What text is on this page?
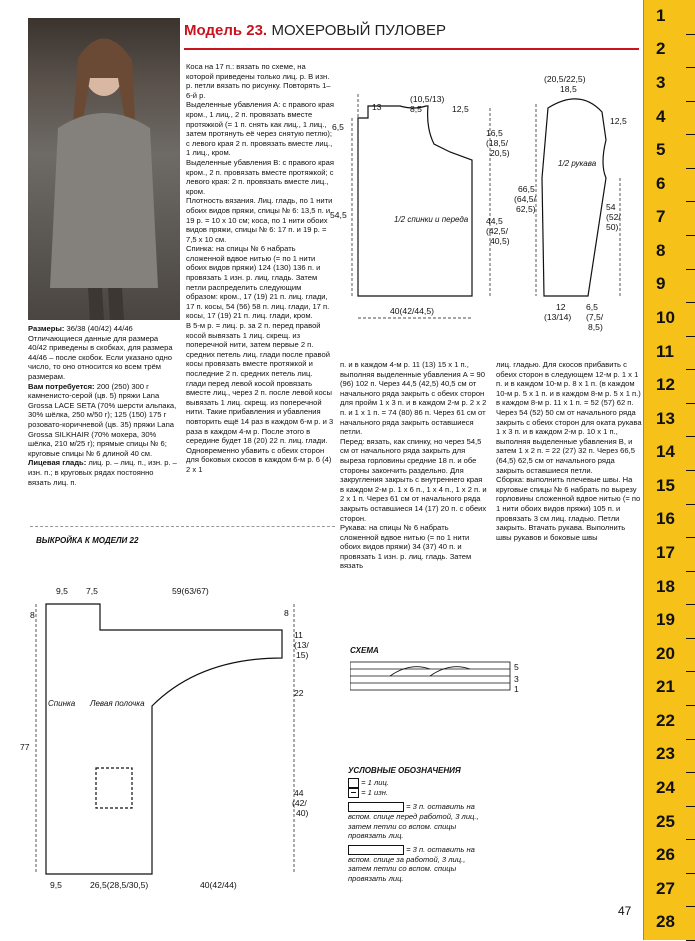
Модель 23. МОХЕРОВЫЙ ПУЛОВЕР
Размеры: 36/38 (40/42) 44/46 Отличающиеся данные для размера 40/42 приведены в скобках, для размера 44/46 – после скобок. Если указано одно число, то оно относится ко всем трём размерам.
Вам потребуется: 200 (250) 300 г камненисто-серой (цв. 5) пряжи Lana Grossa LACE SETA (70% шерсти альпака, 30% шёлка, 250 м/50 г); 125 (150) 175 г розовато-коричневой (цв. 35) пряжи Lana Grossa SILKHAIR (70% мохера, 30% шёлка, 210 м/25 г); прямые спицы № 6; круговые спицы № 6 длиной 40 см.
Лицевая гладь: лиц. р. – лиц. п., изн. р. – изн. п.; в круговых рядах постоянно вязать лиц. п.
Коса на 17 п.: вязать по схеме, на которой приведены только лиц. р. В изн. р. петли вязать по рисунку. Повторять 1–6-й р.
Выделенные убавления А: с правого края кром., 1 лиц., 2 п. провязать вместе протяжкой (= 1 п. снять как лиц., 1 лиц., затем протянуть её через снятую петлю); с левого края 2 п. провязать вместе лиц., 1 лиц., кром.
Выделенные убавления В: с правого края кром., 2 п. провязать вместе протяжкой; с левого края: 2 п. провязать вместе лиц., кром.
Плотность вязания. Лиц. гладь, по 1 нити обоих видов пряжи, спицы № 6: 13,5 п. и 19 р. = 10 х 10 см; коса, по 1 нити обоих видов пряжи, спицы № 6: 17 п. и 19 р. = 7,5 х 10 см.
Спинка: на спицы № 6 набрать сложенной вдвое нитью (= по 1 нити обоих видов пряжи) 124 (130) 136 п. и провязать 1 изн. р. лиц. гладь. Затем петли распределить следующим образом: кром., 17 (19) 21 п. лиц. глади, 17 п. косы, 54 (56) 58 п. лиц. глади, 17 п. косы, 17 (19) 21 п. лиц. глади, кром.
В 5-м р. = лиц. р. за 2 п. перед правой косой вывязать 1 лиц. скрещ. из поперечной нити, затем первые 2 п. средних петель лиц. глади после правой косы провязать вместе протяжкой и последние 2 п. средних петель лиц. глади перед левой косой провязать вместе лиц., через 2 п. после левой косы вывязать 1 лиц. скрещ. из поперечной нити. Такие прибавления и убавления повторить ещё 14 раз в каждом 6-м р. и 3 раза в каждом 4-м р. После этого в середине будет 18 (20) 22 п. лиц. глади. Одновременно убавить с обеих сторон для боковых скосов в каждом 6-м р. 6 (4) 2 х 1
п. и в каждом 4-м р. 11 (13) 15 х 1 п., выполняя выделенные убавления А = 90 (96) 102 п. Через 44,5 (42,5) 40,5 см от начального ряда закрыть с обеих сторон для пройм 1 х 3 п. и в каждом 2-м р. 2 х 2 п. и 1 х 1 п. = 74 (80) 86 п. Через 61 см от начального ряда закрыть оставшиеся петли.
Перед: вязать, как спинку, но через 54,5 см от начального ряда закрыть для выреза горловины средние 18 п. и обе стороны закончить раздельно. Для закругления закрыть с внутреннего края в каждом 2-м р. 1 х 6 п., 1 х 4 п., 1 х 2 п. и 2 х 1 п. Через 61 см от начального ряда закрыть оставшиеся 14 (17) 20 п. с обеих сторон.
Рукава: на спицы № 6 набрать сложенной вдвое нитью (= по 1 нити обоих видов пряжи) 34 (37) 40 п. и провязать 1 изн. р. лиц. гладь. Затем вязать
лиц. гладью. Для скосов прибавить с обеих сторон в следующем 12-м р. 1 х 1 п. и в каждом 10-м р. 8 х 1 п. (в каждом 10-м р. 5 х 1 п. и в каждом 8-м р. 5 х 1 п.) в каждом 8-м р. 11 х 1 п. = 52 (57) 62 п. Через 54 (52) 50 см от начального ряда закрыть с обеих сторон для оката рукава 1 х 3 п. и в каждом 2-м р. 10 х 1 п., выполняя выделенные убавления В, и затем 1 х 2 п. = 22 (27) 32 п. Через 66,5 (64,5) 62,5 см от начального ряда закрыть оставшиеся петли.
Сборка: выполнить плечевые швы. На круговые спицы № 6 набрать по вырезу горловины сложенной вдвое нитью (= по 1 нити обоих видов пряжи) 105 п. и провязать 3 см лиц. гладью. Петли закрыть. Втачать рукава. Выполнить швы рукавов и боковые швы
(10,5/13)
13	8,5	12,5
6,5
16,5
(18,5/
20,5)
54,5
44,5
(42,5/
40,5)
40(42/44,5)
(20,5/22,5)
18,5
12,5
66,5
(64,5/
62,5)	54
(52/
50)
12
(13/14)
6,5
(7,5/
8,5)
1/2 спинки и переда
1/2 рукава
ВЫКРОЙКА К МОДЕЛИ 22
9,5 7,5	59(63/67)
8
77
8
11
(13/
15)
22
44
(42/
40)
9,5	26,5(28,5/30,5)	40(42/44)
Спинка Левая полочка
СХЕМА
5
3
1
УСЛОВНЫЕ ОБОЗНАЧЕНИЯ
= 1 лиц.
= 1 изн.
= 3 п. оставить на вспом. спице перед работой, 3 лиц., затем петли со вспом. спицы провязать лиц.
= 3 п. оставить на вспом. спице за работой, 3 лиц., затем петли со вспом. спицы провязать лиц.
47
1
2
3
4
5
6
7
8
9
10
11
12
13
14
15
16
17
18
19
20
21
22
23
24
25
26
27
28
